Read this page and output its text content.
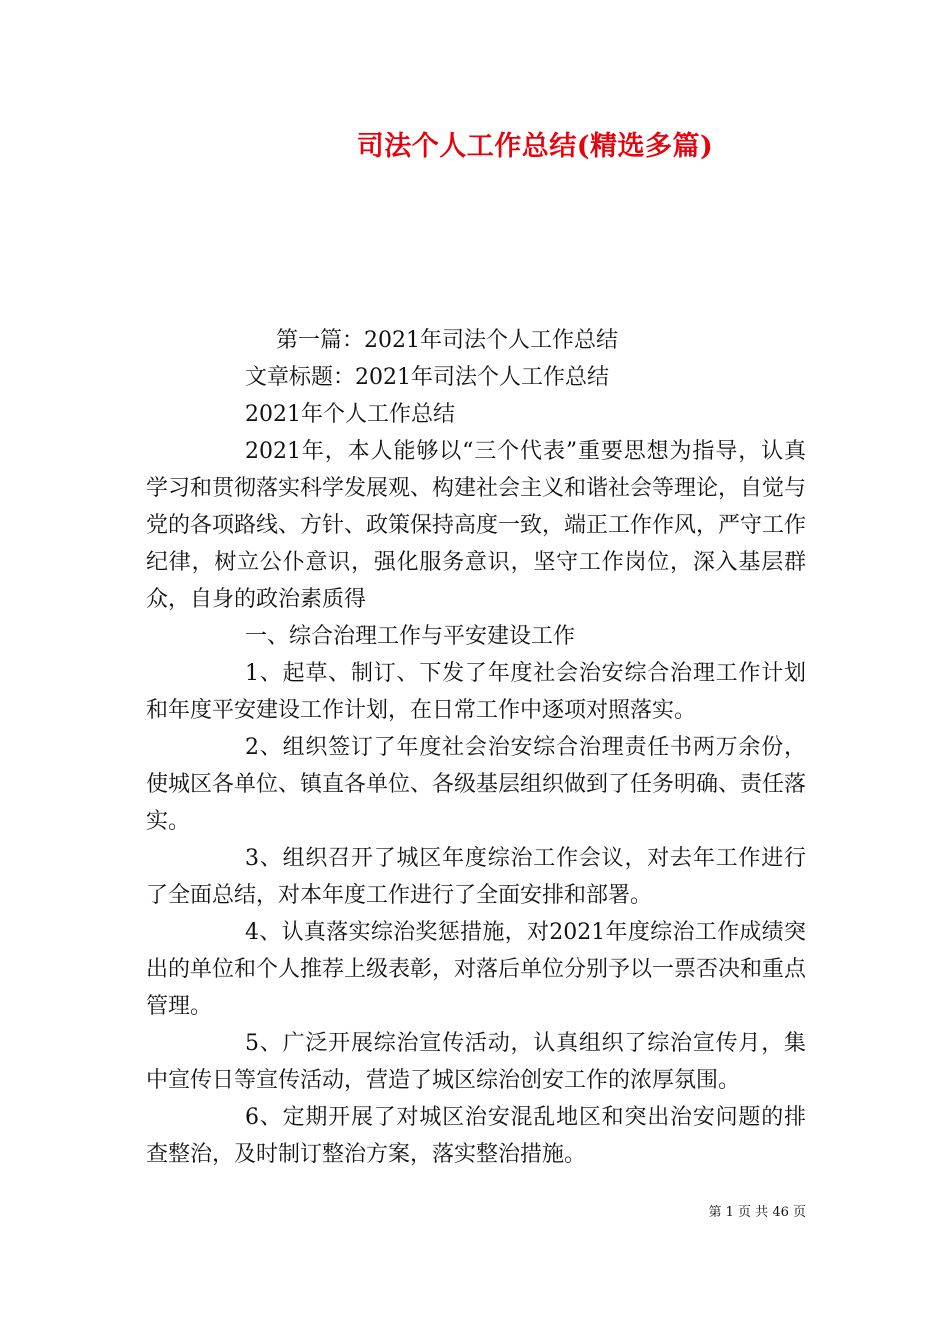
司法个人工作总结(精选多篇)

第一篇：2021年司法个人工作总结

文章标题：2021年司法个人工作总结

2021年个人工作总结

2021年，本人能够以“三个代表”重要思想为指导，认真学习和贯彻落实科学发展观、构建社会主义和谐社会等理论，自觉与党的各项路线、方针、政策保持高度一致，端正工作作风，严守工作纪律，树立公仆意识，强化服务意识，坚守工作岗位，深入基层群众，自身的政治素质得

一、综合治理工作与平安建设工作

1、起草、制订、下发了年度社会治安综合治理工作计划和年度平安建设工作计划，在日常工作中逐项对照落实。

2、组织签订了年度社会治安综合治理责任书两万余份，使城区各单位、镇直各单位、各级基层组织做到了任务明确、责任落实。

3、组织召开了城区年度综治工作会议，对去年工作进行了全面总结，对本年度工作进行了全面安排和部署。

4、认真落实综治奖惩措施，对2021年度综治工作成绩突出的单位和个人推荐上级表彰，对落后单位分别予以一票否决和重点管理。

5、广泛开展综治宣传活动，认真组织了综治宣传月，集中宣传日等宣传活动，营造了城区综治创安工作的浓厚氛围。

6、定期开展了对城区治安混乱地区和突出治安问题的排查整治，及时制订整治方案，落实整治措施。

第 1 页 共 46 页
